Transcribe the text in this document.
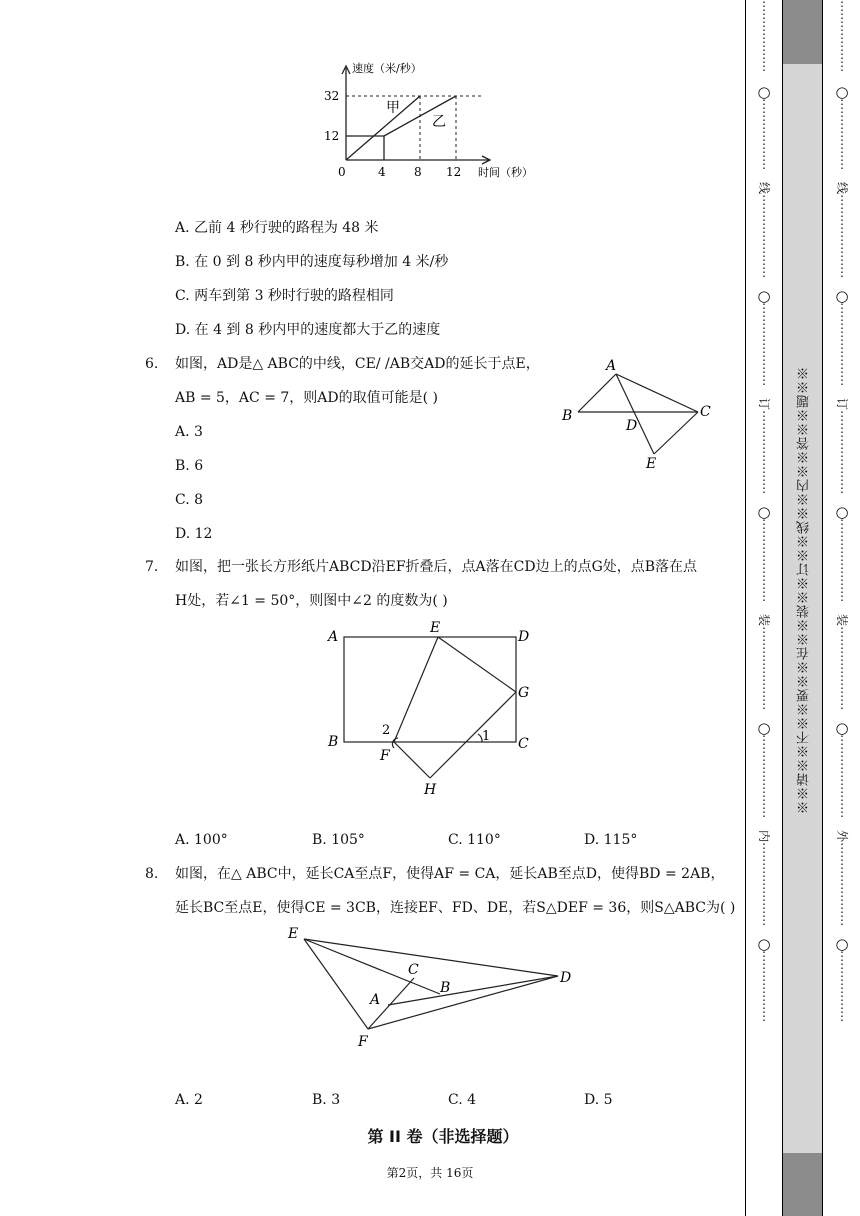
速度（米/秒）
32
12
0	4 8 12 时间（秒）
甲
乙
A. 乙前 4 秒行驶的路程为 48 米
B. 在 0 到 8 秒内甲的速度每秒增加 4 米/秒
C. 两车到第 3 秒时行驶的路程相同
D. 在 4 到 8 秒内甲的速度都大于乙的速度
6. 如图，AD是△ ABC的中线，CE/ /AB交AD的延长于点E，
AB = 5，AC = 7，则AD的取值可能是( )
A. 3
B. 6
C. 8
D. 12
A
B	C
D
E
7. 如图，把一张长方形纸片ABCD沿EF折叠后，点A落在CD边上的点G处，点B落在点
H处，若∠1 = 50°，则图中∠2 的度数为( )
A
E
D
G
B
2	1 C
F
H
A. 100°	B. 105°	C. 110°	D. 115°
8. 如图，在△ ABC中，延长CA至点F，使得AF = CA，延长AB至点D，使得BD = 2AB，
延长BC至点E，使得CE = 3CB，连接EF、FD、DE，若S△DEF = 36，则S△ABC为( )
E
C
B
A
D
F
A. 2	B. 3	C. 4	D. 5
第 II 卷（非选择题）
第2页，共 16页
※※请※※不※※要※※在※※装※※订※※线※※内※※答※※题※※
⋮
⋮
⋮
⋮
⋮
⋮
○
⋮
⋮
⋮
⋮
⋮
⋮
线
⋮
⋮
⋮
⋮
⋮
⋮
⋮
○
⋮
⋮
⋮
⋮
⋮
⋮
⋮
订
⋮
⋮
⋮
⋮
⋮
⋮
⋮
○
⋮
⋮
⋮
⋮
⋮
⋮
⋮
装
⋮
⋮
⋮
⋮
⋮
⋮
⋮
○
⋮
⋮
⋮
⋮
⋮
⋮
⋮
内
⋮
⋮
⋮
⋮
⋮
⋮
⋮
○
⋮
⋮
⋮
⋮
⋮
⋮
⋮
⋮
⋮
⋮
⋮
⋮
○
⋮
⋮
⋮
⋮
⋮
⋮
线
⋮
⋮
⋮
⋮
⋮
⋮
⋮
○
⋮
⋮
⋮
⋮
⋮
⋮
⋮
订
⋮
⋮
⋮
⋮
⋮
⋮
⋮
○
⋮
⋮
⋮
⋮
⋮
⋮
⋮
装
⋮
⋮
⋮
⋮
⋮
⋮
⋮
○
⋮
⋮
⋮
⋮
⋮
⋮
⋮
外
⋮
⋮
⋮
⋮
⋮
⋮
⋮
○
⋮
⋮
⋮
⋮
⋮
⋮
